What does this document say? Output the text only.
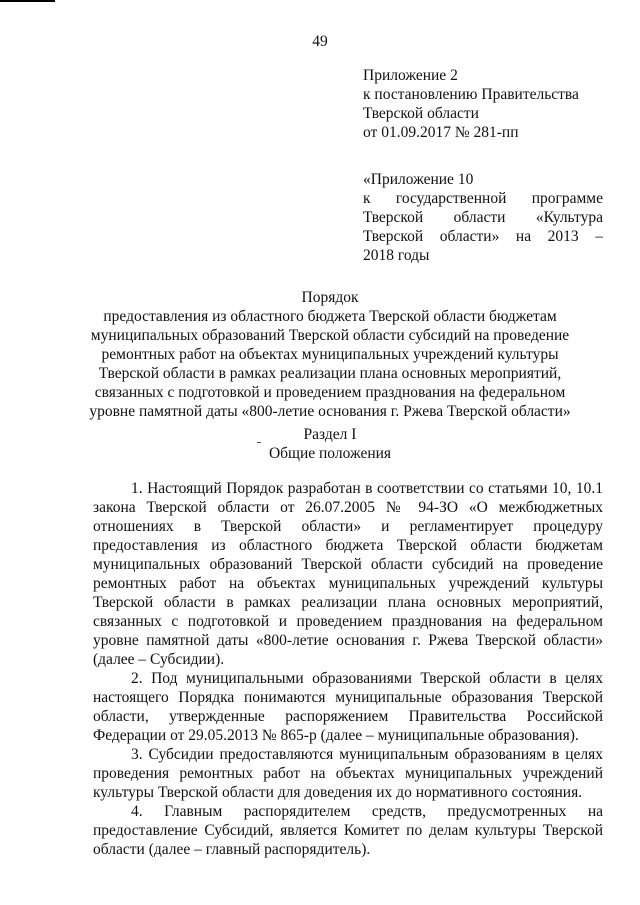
49
Приложение 2
к постановлению Правительства
Тверской области
от 01.09.2017 № 281-пп
«Приложение 10
к государственной программе
Тверской области «Культура
Тверской области» на 2013 –
2018 годы
Порядок
предоставления из областного бюджета Тверской области бюджетам
муниципальных образований Тверской области субсидий на проведение
ремонтных работ на объектах муниципальных учреждений культуры
Тверской области в рамках реализации плана основных мероприятий,
связанных с подготовкой и проведением празднования на федеральном
уровне памятной даты «800-летие основания г. Ржева Тверской области»
Раздел I
Общие положения
1. Настоящий Порядок разработан в соответствии со статьями 10, 10.1
закона Тверской области от 26.07.2005 № 94-ЗО «О межбюджетных
отношениях в Тверской области» и регламентирует процедуру
предоставления из областного бюджета Тверской области бюджетам
муниципальных образований Тверской области субсидий на проведение
ремонтных работ на объектах муниципальных учреждений культуры
Тверской области в рамках реализации плана основных мероприятий,
связанных с подготовкой и проведением празднования на федеральном
уровне памятной даты «800-летие основания г. Ржева Тверской области»
(далее – Субсидии).
2. Под муниципальными образованиями Тверской области в целях
настоящего Порядка понимаются муниципальные образования Тверской
области, утвержденные распоряжением Правительства Российской
Федерации от 29.05.2013 № 865-р (далее – муниципальные образования).
3. Субсидии предоставляются муниципальным образованиям в целях
проведения ремонтных работ на объектах муниципальных учреждений
культуры Тверской области для доведения их до нормативного состояния.
4. Главным распорядителем средств, предусмотренных на
предоставление Субсидий, является Комитет по делам культуры Тверской
области (далее – главный распорядитель).
